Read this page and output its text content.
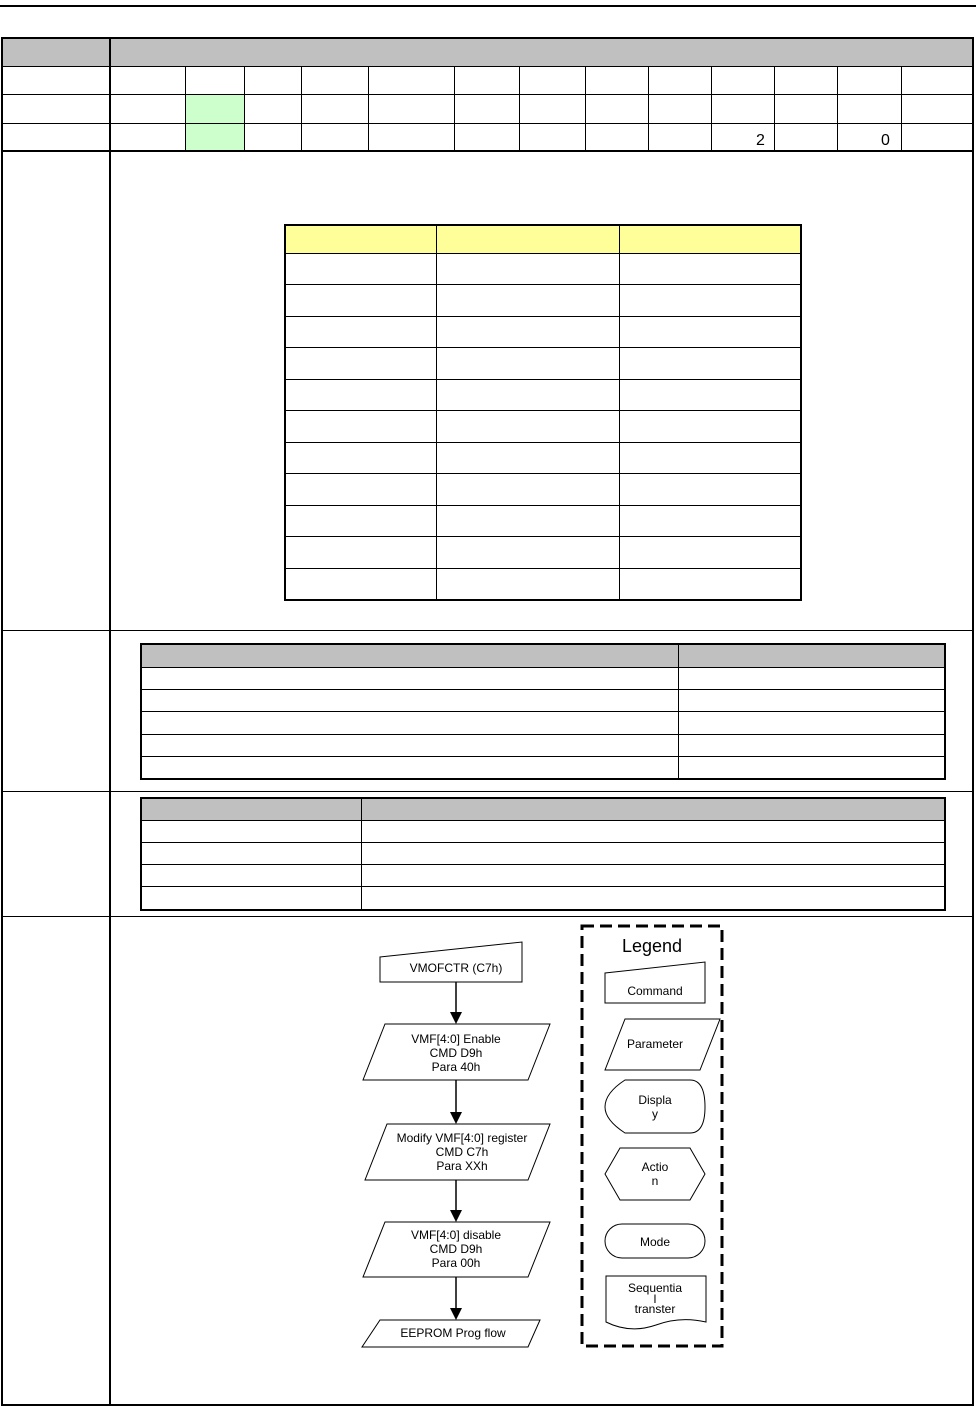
2	0
VMOFCTR (C7h)
VMF[4:0] Enable
CMD D9h
Para 40h
Modify VMF[4:0] register
CMD C7h
Para XXh
VMF[4:0] disable
CMD D9h
Para 00h
EEPROM Prog flow
Legend
Command
Parameter
Displa
y
Actio
n
Mode
Sequentia
l
transter
